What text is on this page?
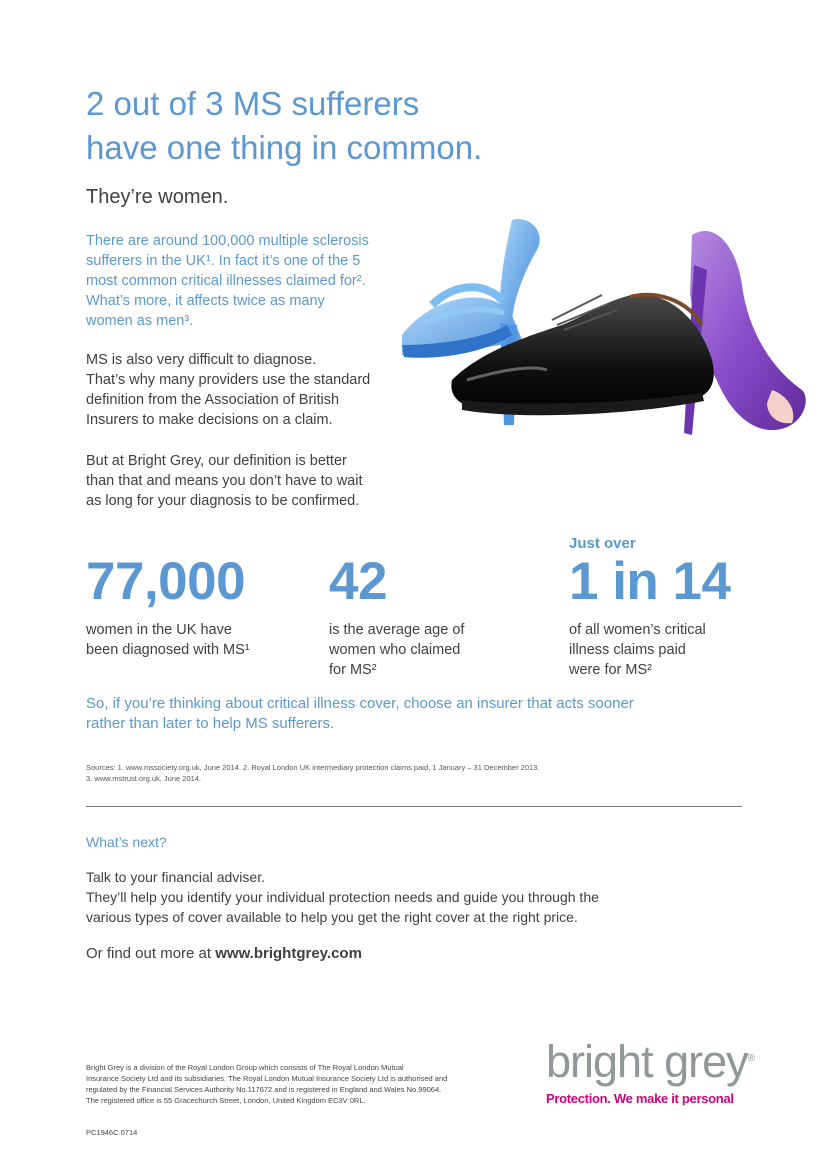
2 out of 3 MS sufferers
have one thing in common.
They’re women.
There are around 100,000 multiple sclerosis
sufferers in the UK¹. In fact it’s one of the 5
most common critical illnesses claimed for².
What’s more, it affects twice as many
women as men³.
MS is also very difficult to diagnose.
That’s why many providers use the standard
definition from the Association of British
Insurers to make decisions on a claim.
But at Bright Grey, our definition is better
than that and means you don’t have to wait
as long for your diagnosis to be confirmed.
77,000
women in the UK have
been diagnosed with MS¹
42
is the average age of
women who claimed
for MS²
Just over
1 in 14
of all women’s critical
illness claims paid
were for MS²
So, if you’re thinking about critical illness cover, choose an insurer that acts sooner
rather than later to help MS sufferers.
Sources: 1. www.mssociety.org.uk, June 2014. 2. Royal London UK intermediary protection claims paid, 1 January – 31 December 2013.
3. www.mstrust.org.uk, June 2014.
What’s next?
Talk to your financial adviser.
They’ll help you identify your individual protection needs and guide you through the
various types of cover available to help you get the right cover at the right price.
Or find out more at www.brightgrey.com
Bright Grey is a division of the Royal London Group which consists of The Royal London Mutual
Insurance Society Ltd and its subsidiaries. The Royal London Mutual Insurance Society Ltd is authorised and
regulated by the Financial Services Authority No.117672 and is registered in England and Wales No.99064.
The registered office is 55 Gracechurch Street, London, United Kingdom EC3V 0RL.
PC1946C.0714
bright grey®
Protection. We make it personal
